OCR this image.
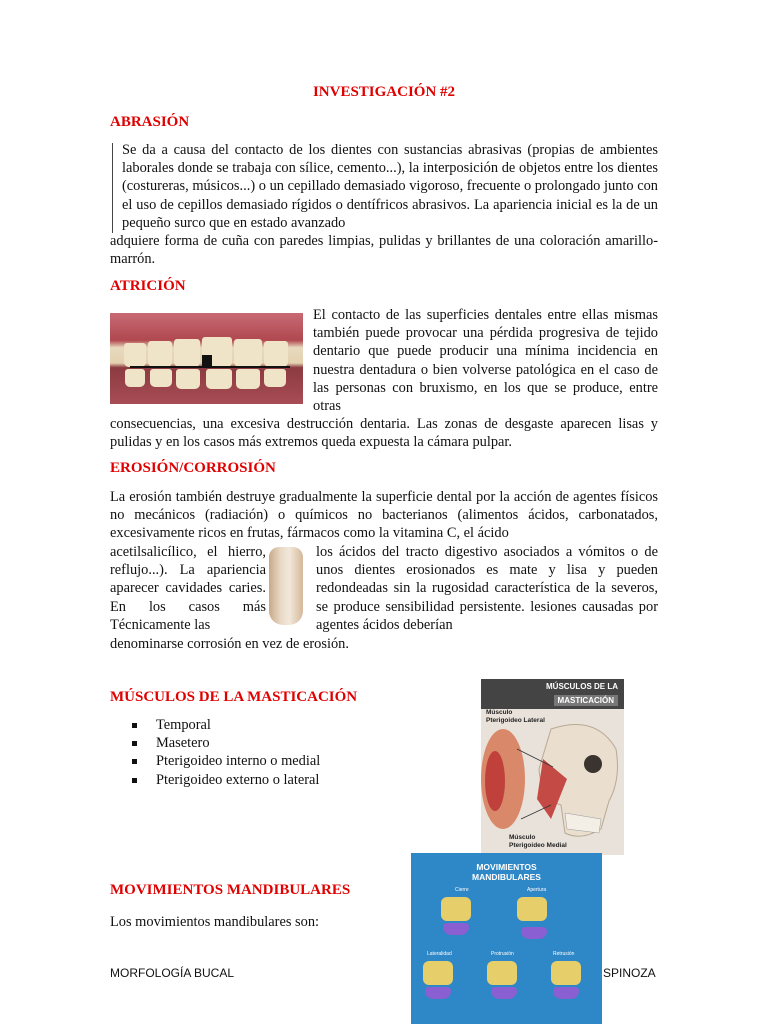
INVESTIGACIÓN #2
ABRASIÓN
Se da a causa del contacto de los dientes con sustancias abrasivas (propias de ambientes laborales donde se trabaja con sílice, cemento...), la interposición de objetos entre los dientes (costureras, músicos...) o un cepillado demasiado vigoroso, frecuente o prolongado junto con el uso de cepillos demasiado rígidos o dentífricos abrasivos. La apariencia inicial es la de un pequeño surco que en estado avanzado
adquiere forma de cuña con paredes limpias, pulidas y brillantes de una coloración amarillo-marrón.
ATRICIÓN
El contacto de las superficies dentales entre ellas mismas también puede provocar una pérdida progresiva de tejido dentario que puede producir una mínima incidencia en nuestra dentadura o bien volverse patológica en el caso de las personas con bruxismo, en los que se produce, entre otras
consecuencias, una excesiva destrucción dentaria. Las zonas de desgaste aparecen lisas y pulidas y en los casos más extremos queda expuesta la cámara pulpar.
EROSIÓN/CORROSIÓN
La erosión también destruye gradualmente la superficie dental por la acción de agentes físicos no mecánicos (radiación) o químicos no bacterianos (alimentos ácidos, carbonatados, excesivamente ricos en frutas, fármacos como la vitamina C, el ácido
acetilsalicílico, el hierro, reflujo...). La apariencia aparecer cavidades caries. En los casos más Técnicamente las
los ácidos del tracto digestivo asociados a vómitos o de unos dientes erosionados es mate y lisa y pueden redondeadas sin la rugosidad característica de la severos, se produce sensibilidad persistente. lesiones causadas por agentes ácidos deberían
denominarse corrosión en vez de erosión.
MÚSCULOS DE LA MASTICACIÓN
Temporal
Masetero
Pterigoideo interno o medial
Pterigoideo externo o lateral
MÚSCULOS DE LA
MASTICACIÓN
Músculo
Pterigoideo Lateral
Músculo
Pterigoideo Medial
MOVIMIENTOS MANDIBULARES
Los movimientos mandibulares son:
MOVIMIENTOS
MANDIBULARES
Cierre	Apertura
Lateralidad	Protrusión	Retrusión
MORFOLOGÍA BUCAL	SPINOZA
